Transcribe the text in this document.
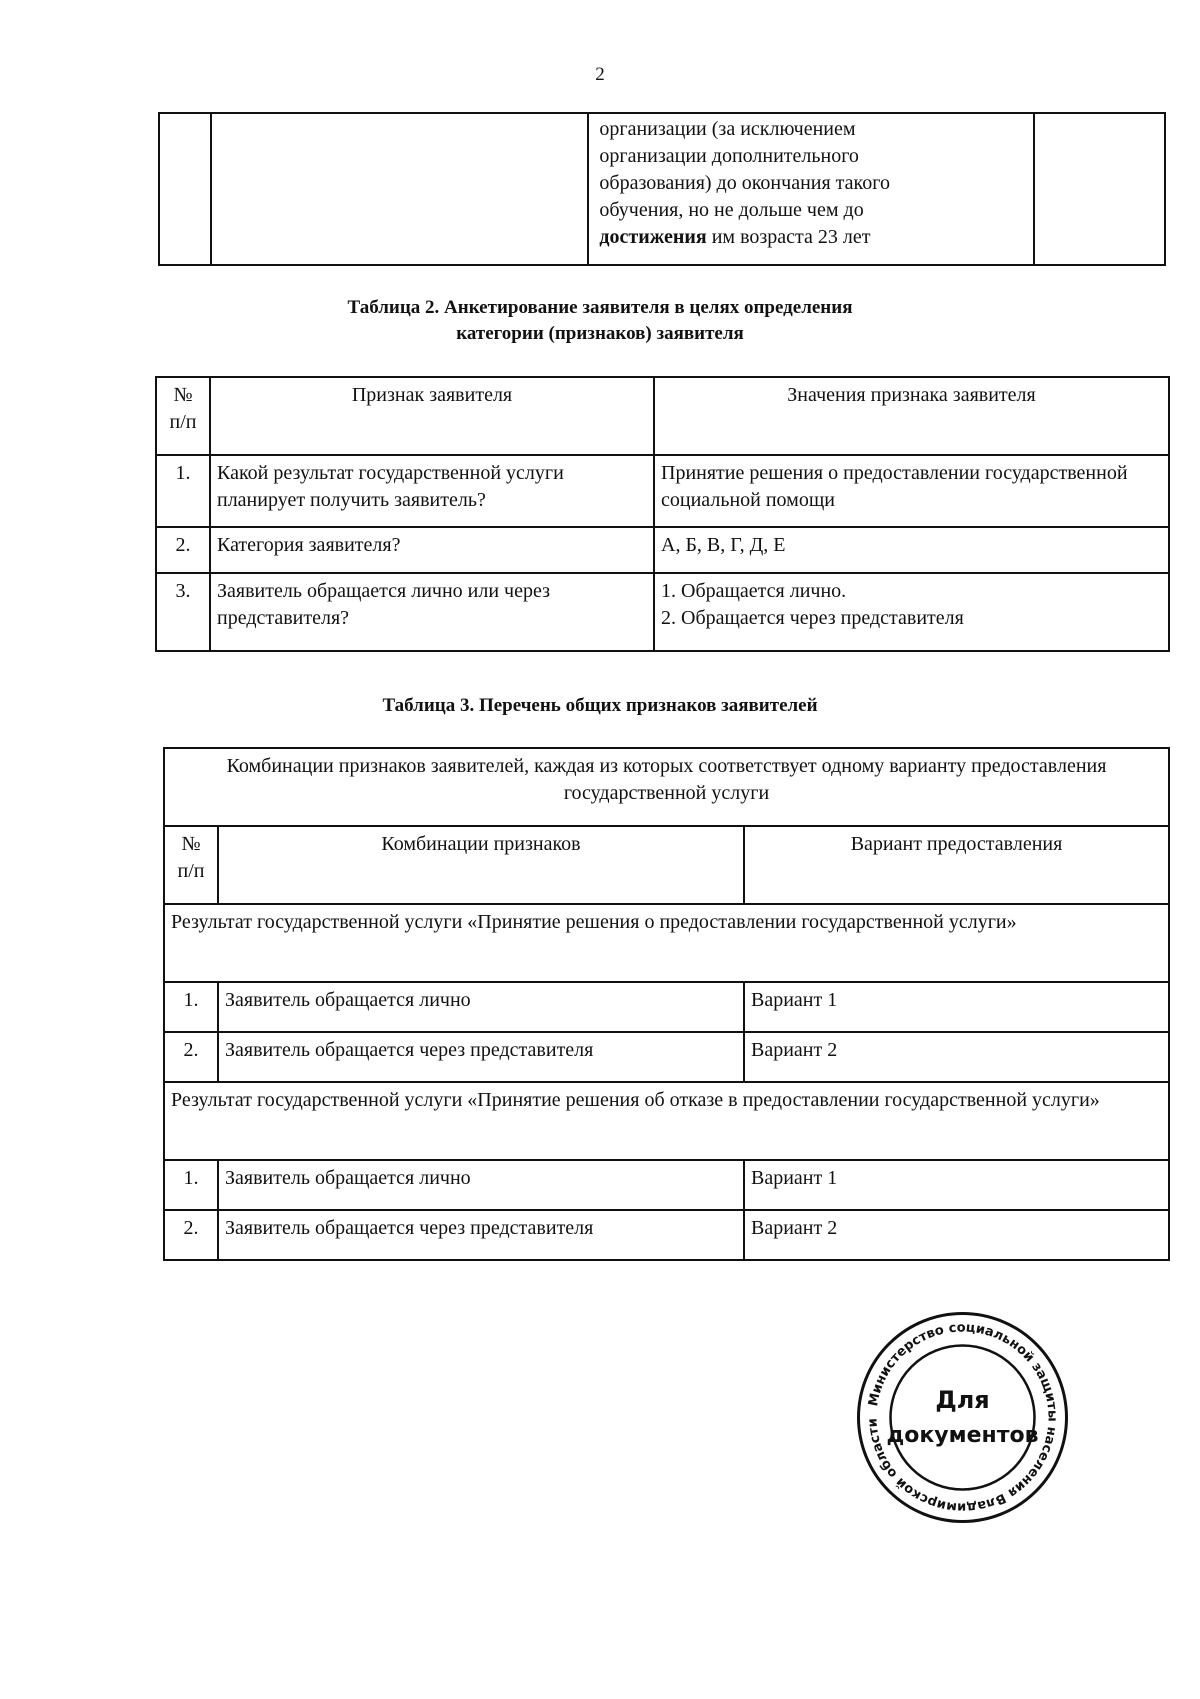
2

организации (за исключением
организации дополнительного
образования) до окончания такого
обучения, но не дольше чем до
достижения им возраста 23 лет

Таблица 2. Анкетирование заявителя в целях определения
категории (признаков) заявителя
№ п/п	Признак заявителя	Значения признака заявителя
1.	Какой результат государственной услуги планирует получить заявитель?	Принятие решения о предоставлении государственной социальной помощи
2.	Категория заявителя?	А, Б, В, Г, Д, Е
3.	Заявитель обращается лично или через представителя?	1. Обращается лично.
2. Обращается через представителя
Таблица 3. Перечень общих признаков заявителей
Комбинации признаков заявителей, каждая из которых соответствует одному варианту предоставления государственной услуги		
№ п/п	Комбинации признаков	Вариант предоставления
Результат государственной услуги «Принятие решения о предоставлении государственной услуги»		
1.	Заявитель обращается лично	Вариант 1
2.	Заявитель обращается через представителя	Вариант 2
Результат государственной услуги «Принятие решения об отказе в предоставлении государственной услуги»		
1.	Заявитель обращается лично	Вариант 1
2.	Заявитель обращается через представителя	Вариант 2
Министерство социальной защиты населения Владимирской области
Для
документов
